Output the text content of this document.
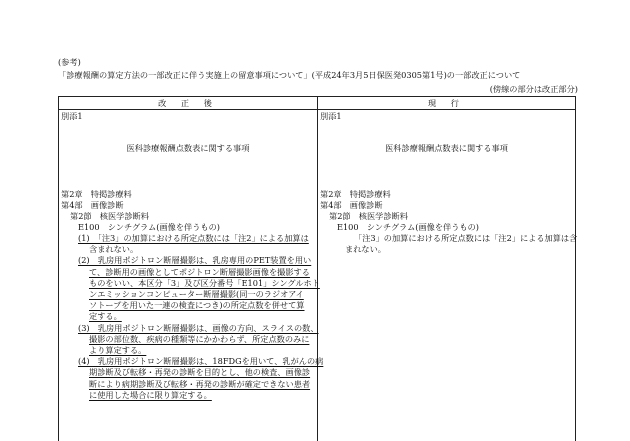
(参考)
「診療報酬の算定方法の一部改正に伴う実施上の留意事項について」(平成24年3月5日保医発0305第1号)の一部改正について
(傍線の部分は改正部分)
改 正 後
別添1
医科診療報酬点数表に関する事項
第2章　特掲診療料
第4部　画像診断
第2節　核医学診断料
E100　シンチグラム(画像を伴うもの)
(1)　「注3」の加算における所定点数には「注2」による加算は
含まれない。
(2)　乳房用ポジトロン断層撮影は、乳房専用のPET装置を用い
て、診断用の画像としてポジトロン断層撮影画像を撮影する
ものをいい、本区分「3」及び区分番号「E101」シングルホト
ンエミッションコンピューター断層撮影(同一のラジオアイ
ソトープを用いた一連の検査につき)の所定点数を併せて算
定する。
(3)　乳房用ポジトロン断層撮影は、画像の方向、スライスの数、
撮影の部位数、疾病の種類等にかかわらず、所定点数のみに
より算定する。
(4)　乳房用ポジトロン断層撮影は、18FDGを用いて、乳がんの病
期診断及び転移・再発の診断を目的とし、他の検査、画像診
断により病期診断及び転移・再発の診断が確定できない患者
に使用した場合に限り算定する。
現 行
別添1
医科診療報酬点数表に関する事項
第2章　特掲診療料
第4部　画像診断
第2節　核医学診断料
E100　シンチグラム(画像を伴うもの)
「注3」の加算における所定点数には「注2」による加算は含
まれない。
